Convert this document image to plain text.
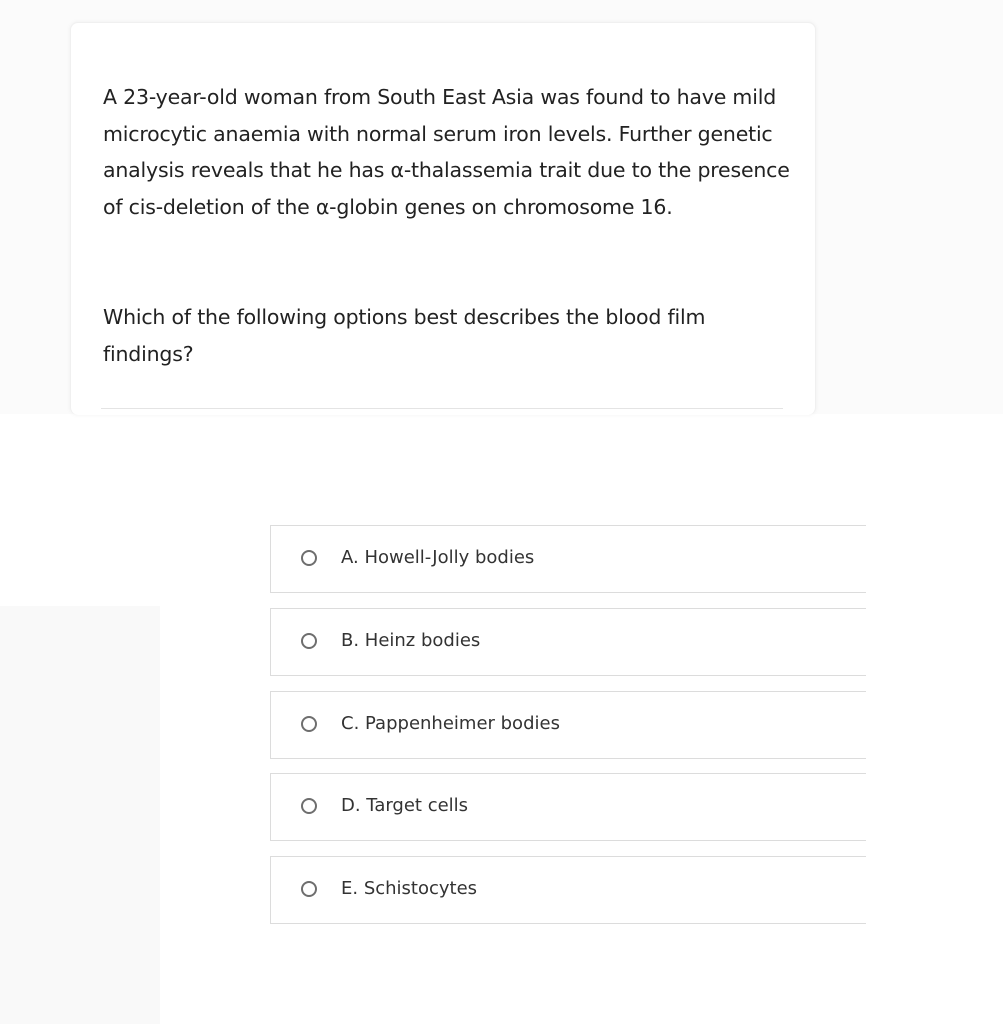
A 23-year-old woman from South East Asia was found to have mild microcytic anaemia with normal serum iron levels. Further genetic analysis reveals that he has α-thalassemia trait due to the presence of cis-deletion of the α-globin genes on chromosome 16.

Which of the following options best describes the blood film findings?

A. Howell-Jolly bodies
B. Heinz bodies
C. Pappenheimer bodies
D. Target cells
E. Schistocytes
